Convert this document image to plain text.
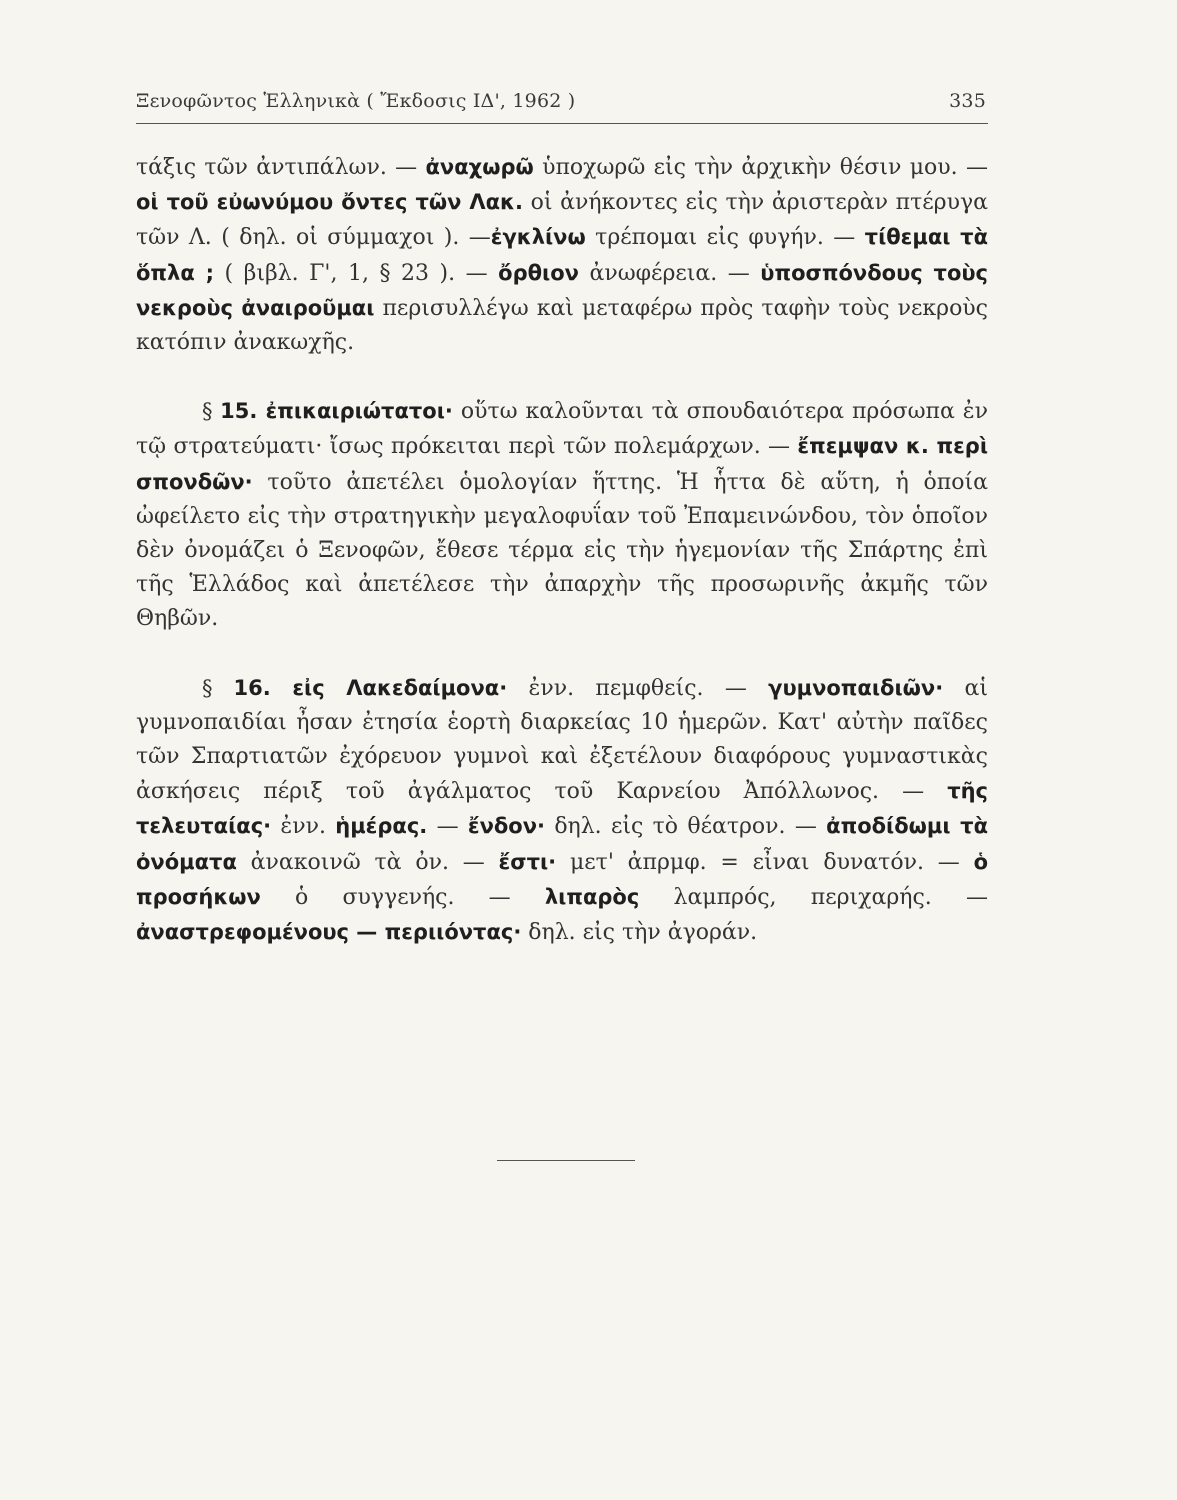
Ξενοφῶντος Ἑλληνικὰ ( Ἔκδοσις ΙΔ', 1962 )	335

τάξις τῶν ἀντιπάλων. — ἀναχωρῶ ὑποχωρῶ εἰς τὴν ἀρχικὴν θέσιν μου. — οἱ τοῦ εὐωνύμου ὄντες τῶν Λακ. οἱ ἀνήκοντες εἰς τὴν ἀριστερὰν πτέρυγα τῶν Λ. ( δηλ. οἱ σύμμαχοι ). —ἐγκλίνω τρέπομαι εἰς φυγήν. — τίθεμαι τὰ ὅπλα ; ( βιβλ. Γ', 1, § 23 ). — ὄρθιον ἀνωφέρεια. — ὑποσπόνδους τοὺς νεκροὺς ἀναιροῦμαι περισυλλέγω καὶ μεταφέρω πρὸς ταφὴν τοὺς νεκροὺς κατόπιν ἀνακωχῆς.

§ 15. ἐπικαιριώτατοι· οὕτω καλοῦνται τὰ σπουδαιότερα πρόσωπα ἐν τῷ στρατεύματι· ἴσως πρόκειται περὶ τῶν πολεμάρχων. — ἔπεμψαν κ. περὶ σπονδῶν· τοῦτο ἀπετέλει ὁμολογίαν ἥττης. Ἡ ἧττα δὲ αὕτη, ἡ ὁποία ὠφείλετο εἰς τὴν στρατηγικὴν μεγαλοφυΐαν τοῦ Ἐπαμεινώνδου, τὸν ὁποῖον δὲν ὀνομάζει ὁ Ξενοφῶν, ἔθεσε τέρμα εἰς τὴν ἡγεμονίαν τῆς Σπάρτης ἐπὶ τῆς Ἑλλάδος καὶ ἀπετέλεσε τὴν ἀπαρχὴν τῆς προσωρινῆς ἀκμῆς τῶν Θηβῶν.

§ 16. εἰς Λακεδαίμονα· ἐνν. πεμφθείς. — γυμνοπαιδιῶν· αἱ γυμνοπαιδίαι ἦσαν ἐτησία ἑορτὴ διαρκείας 10 ἡμερῶν. Κατ' αὐτὴν παῖδες τῶν Σπαρτιατῶν ἐχόρευον γυμνοὶ καὶ ἐξετέλουν διαφόρους γυμναστικὰς ἀσκήσεις πέριξ τοῦ ἀγάλματος τοῦ Καρνείου Ἀπόλλωνος. — τῆς τελευταίας· ἐνν. ἡμέρας. — ἔνδον· δηλ. εἰς τὸ θέατρον. — ἀποδίδωμι τὰ ὀνόματα ἀνακοινῶ τὰ ὀν. — ἔστι· μετ' ἀπρμφ. = εἶναι δυνατόν. — ὁ προσήκων ὁ συγγενής. — λιπαρὸς λαμπρός, περιχαρής. — ἀναστρεφομένους — περιιόντας· δηλ. εἰς τὴν ἀγοράν.
